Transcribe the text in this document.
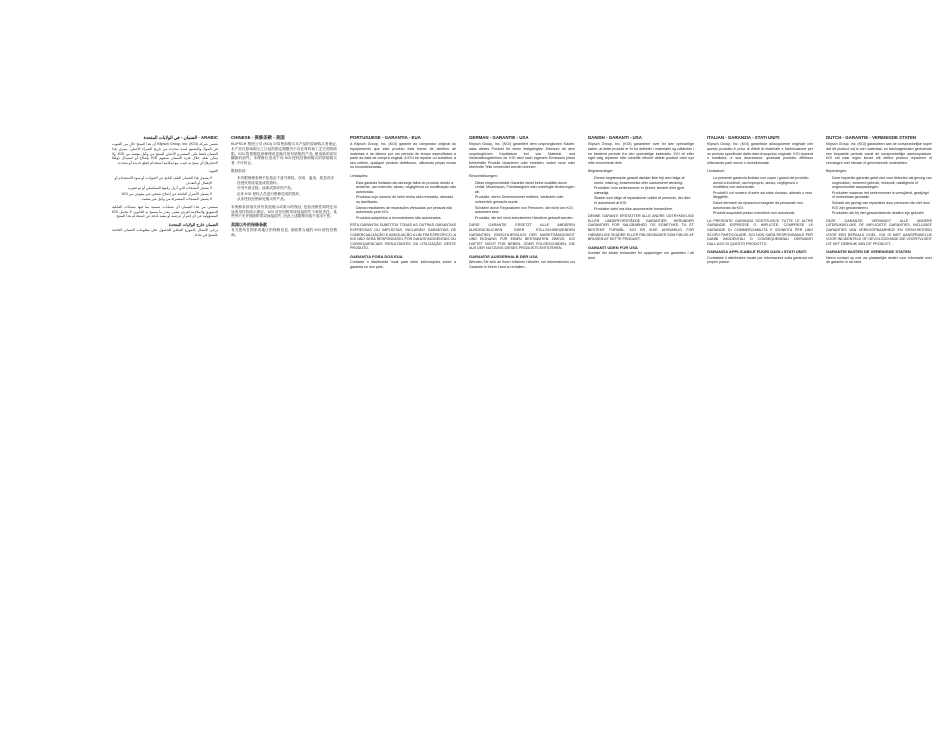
ARABIC - الضمان - في الولايات المتحدة
تضمن شركة Klipsch Group, Inc. (KGI) أن هذا المنتج خالٍ من العيوب في المواد والتصنيع لمدة محددة من تاريخ الشراء الأصلي. يسري هذا الضمان فقط على المشتري الأصلي للمنتج من وكيل معتمد من KGI، ولا يمكن نقله. خلال فترة الضمان ستقوم KGI بإصلاح أو استبدال (وفقًا لاختيارها) أي منتج به عيب، مع إمكانية استخدام قطع جديدة أو مجددة.
القيود:
• لا يشمل هذا الضمان التلف الناتج عن الحوادث أو سوء الاستخدام أو الإهمال أو التعديل.
• لا يشمل المنتجات التي أزيل رقمها التسلسلي أو تم تغييره.
• لا يشمل الأضرار الناتجة عن إصلاح شخص غير مفوض من KGI.
• لا يشمل المنتجات المشتراة من وكيل غير معتمد.
يستثنى من هذا الضمان أي ضمانات ضمنية بما فيها ضمانات القابلية للتسويق والملاءمة لغرض معين، بقدر ما يسمح به القانون. لا تتحمل KGI المسؤولية عن أي أضرار عرضية أو تبعية ناتجة عن استخدام هذا المنتج.
الضمان خارج الولايات المتحدة
يرجى الاتصال بالموزع المحلي للحصول على معلومات الضمان الخاصة بالمنتج في بلدك.
CHINESE - 保修条款 - 美国
KLIPSCH 集团公司 (KGI) 向零售商购买本产品的原始购买者保证, 本产品在原始购买之日起的指定期限内不存在材料和工艺方面的缺陷。KGI 将根据选择修理或更换任何有缺陷的产品, 使用新的或经翻新的部件。本保修仅适用于向 KGI 授权经销商购买的原始购买者, 不可转让。
限制条款:
• 本有限保修条例不包括由于意外事故、误用、滥用、疏忽或未经授权的改装造成的损坏。
• 序列号被去除、涂改或损坏的产品。
• 由非 KGI 授权人员进行维修造成的损坏。
• 从非授权经销商处购买的产品。
本保修条款取代所有其他明示或暗示的保证, 包括适销性和特定用途适用性的暗示保证。KGI 对任何附带或间接损失不承担责任。某些州不允许排除附带或间接损失, 因此上述限制可能不适用于您。
美国以外的保修条款
有关您所在国家或地区的保修信息, 请联系当地的 KGI 授权经销商。
PORTUGUESE - GARANTIA - EUA
A Klipsch Group, Inc. (KGI) garante ao comprador original do equipamento que este produto está isento de defeitos de materiais e de fabrico por um período de tempo especificado a partir da data de compra original. A KGI irá reparar ou substituir, a seu critério, qualquer produto defeituoso, utilizando peças novas ou recondicionadas.
Limitações:
• Esta garantia limitada não abrange falha do produto devido a acidente, uso indevido, abuso, negligência ou modificação não autorizada.
• Produtos cujo número de série tenha sido removido, alterado ou danificado.
• Danos resultantes de reparações efetuadas por pessoal não autorizado pela KGI.
• Produtos adquiridos a revendedores não autorizados.
ESTA GARANTIA SUBSTITUI TODAS AS OUTRAS GARANTIAS EXPRESSAS OU IMPLÍCITAS, INCLUINDO GARANTIAS DE COMERCIALIZAÇÃO E ADEQUAÇÃO A UM FIM ESPECÍFICO. A KGI NÃO SERÁ RESPONSÁVEL POR DANOS INCIDENTAIS OU CONSEQUENCIAIS RESULTANTES DA UTILIZAÇÃO DESTE PRODUTO.
GARANTIA FORA DOS EUA
Contacte o distribuidor local para obter informações sobre a garantia no seu país.
GERMAN - GARANTIE - USA
Klipsch Group, Inc. (KGI) garantiert dem ursprünglichen Käufer, dass dieses Produkt für einen festgelegten Zeitraum ab dem ursprünglichen Kaufdatum frei von Material- und Verarbeitungsfehlern ist. KGI wird nach eigenem Ermessen jedes fehlerhafte Produkt reparieren oder ersetzen, wobei neue oder überholte Teile verwendet werden können.
Einschränkungen:
• Diese eingeschränkte Garantie deckt keine Ausfälle durch Unfall, Missbrauch, Fahrlässigkeit oder unbefugte Änderungen ab.
• Produkte, deren Seriennummer entfernt, verändert oder unleserlich gemacht wurde.
• Schäden durch Reparaturen von Personen, die nicht von KGI autorisiert sind.
• Produkte, die bei nicht autorisierten Händlern gekauft wurden.
DIESE GARANTIE ERSETZT ALLE ANDEREN AUSDRÜCKLICHEN ODER STILLSCHWEIGENDEN GARANTIEN, EINSCHLIESSLICH DER MARKTGÄNGIGKEIT UND EIGNUNG FÜR EINEN BESTIMMTEN ZWECK. KGI HAFTET NICHT FÜR NEBEN- ODER FOLGESCHÄDEN, DIE AUS DER NUTZUNG DIESES PRODUKTS ENTSTEHEN.
GARANTIE AUSSERHALB DER USA
Wenden Sie sich an Ihren örtlichen Händler, um Informationen zur Garantie in Ihrem Land zu erhalten.
DANISH - GARANTI - USA
Klipsch Group, Inc. (KGI) garanterer over for den oprindelige køber, at dette produkt er fri for defekter i materialer og udførelse i en bestemt periode fra den oprindelige købsdato. KGI vil efter eget valg reparere eller udskifte ethvert defekt produkt med nye eller renoverede dele.
Begrænsninger:
• Denne begrænsede garanti dækker ikke fejl som følge af uheld, misbrug, forsømmelse eller uautoriseret ændring.
• Produkter, hvis serienummer er fjernet, ændret eller gjort ulæseligt.
• Skader som følge af reparationer udført af personer, der ikke er autoriseret af KGI.
• Produkter købt hos ikke-autoriserede forhandlere.
DENNE GARANTI ERSTATTER ALLE ANDRE UDTRYKKELIGE ELLER UNDERFORSTÅEDE GARANTIER, HERUNDER GARANTIER FOR SALGBARHED OG EGNETHED TIL ET BESTEMT FORMÅL. KGI ER IKKE ANSVARLIG FOR HÆNDELIGE SKADER ELLER FØLGESKADER SOM FØLGE AF BRUGEN AF DETTE PRODUKT.
GARANTI UDEN FOR USA
Kontakt din lokale forhandler for oplysninger om garantien i dit land.
ITALIAN - GARANZIA - STATI UNITI
Klipsch Group, Inc. (KGI) garantisce all'acquirente originale che questo prodotto è privo di difetti di materiale e fabbricazione per un periodo specificato dalla data di acquisto originale. KGI riparerà o sostituirà, a sua discrezione, qualsiasi prodotto difettoso utilizzando parti nuove o ricondizionate.
Limitazioni:
• La presente garanzia limitata non copre i guasti del prodotto dovuti a incidenti, uso improprio, abuso, negligenza o modifiche non autorizzate.
• Prodotti il cui numero di serie sia stato rimosso, alterato o reso illeggibile.
• Danni derivanti da riparazioni eseguite da personale non autorizzato da KGI.
• Prodotti acquistati presso rivenditori non autorizzati.
LA PRESENTE GARANZIA SOSTITUISCE TUTTE LE ALTRE GARANZIE ESPRESSE O IMPLICITE, COMPRESE LE GARANZIE DI COMMERCIABILITÀ E IDONEITÀ PER UNO SCOPO PARTICOLARE. KGI NON SARÀ RESPONSABILE PER DANNI INCIDENTALI O CONSEQUENZIALI DERIVANTI DALL'USO DI QUESTO PRODOTTO.
GARANZIA APPLICABILE FUORI DAGLI STATI UNITI
Contattare il distributore locale per informazioni sulla garanzia nel proprio paese.
DUTCH - GARANTIE - VERENIGDE STATEN
Klipsch Group, Inc. (KGI) garandeert aan de oorspronkelijke koper dat dit product vrij is van materiaal- en fabricagefouten gedurende een bepaalde periode vanaf de oorspronkelijke aankoopdatum. KGI zal naar eigen keuze elk defect product repareren of vervangen met nieuwe of gereviseerde onderdelen.
Beperkingen:
• Deze beperkte garantie geldt niet voor defecten als gevolg van ongelukken, verkeerd gebruik, misbruik, nalatigheid of ongeoorloofde aanpassingen.
• Producten waarvan het serienummer is verwijderd, gewijzigd of onleesbaar gemaakt.
• Schade als gevolg van reparaties door personen die niet door KGI zijn geautoriseerd.
• Producten die bij niet-geautoriseerde dealers zijn gekocht.
DEZE GARANTIE VERVANGT ALLE ANDERE UITDRUKKELIJKE OF IMPLICIETE GARANTIES, INCLUSIEF GARANTIES VAN VERKOOPBAARHEID EN GESCHIKTHEID VOOR EEN BEPAALD DOEL. KGI IS NIET AANSPRAKELIJK VOOR INCIDENTELE OF GEVOLGSCHADE DIE VOORTVLOEIT UIT HET GEBRUIK VAN DIT PRODUCT.
GARANTIE BUITEN DE VERENIGDE STATEN
Neem contact op met uw plaatselijke dealer voor informatie over de garantie in uw land.
